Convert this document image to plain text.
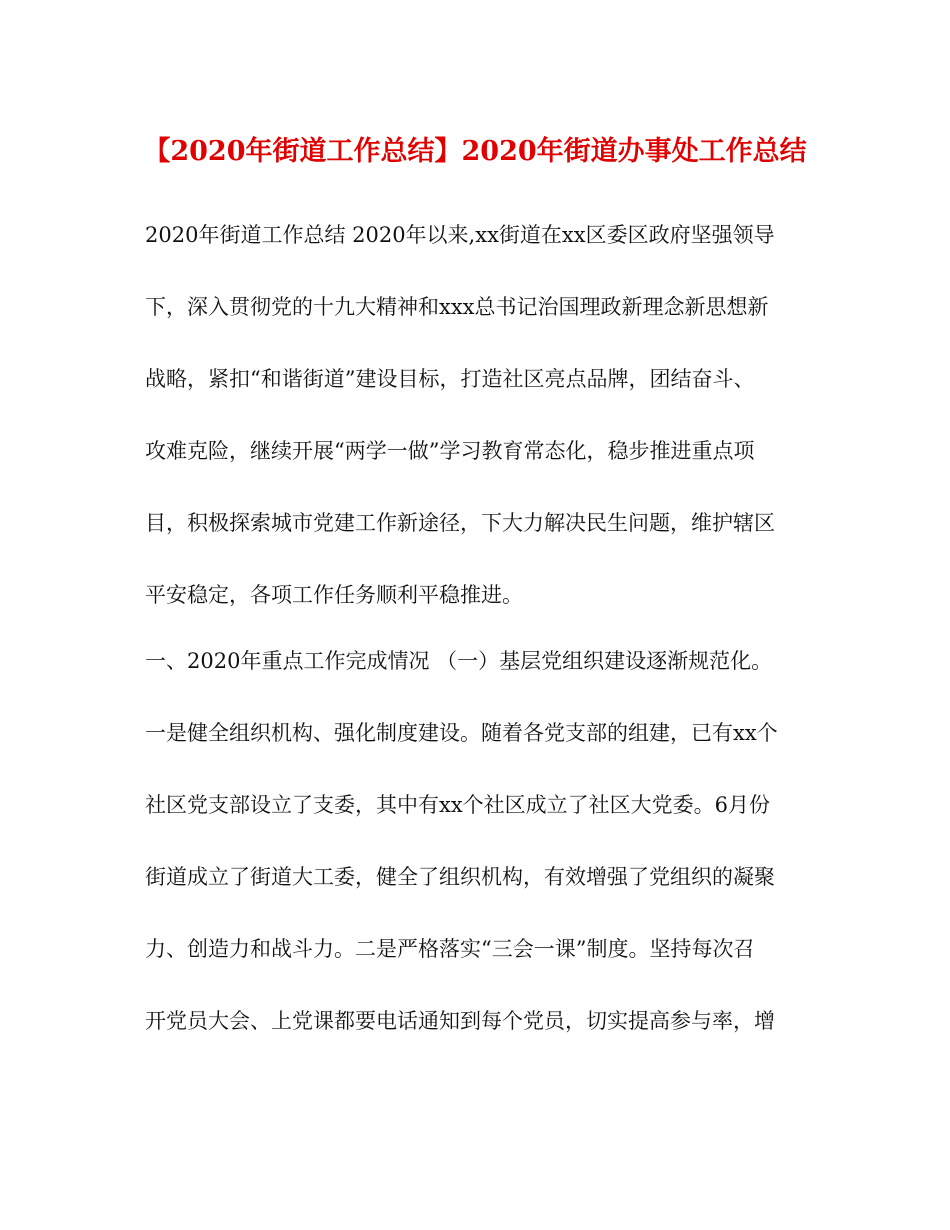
【2020年街道工作总结】2020年街道办事处工作总结
2020年街道工作总结 2020年以来,xx街道在xx区委区政府坚强领导
下，深入贯彻党的十九大精神和xxx总书记治国理政新理念新思想新
战略，紧扣“和谐街道”建设目标，打造社区亮点品牌，团结奋斗、
攻难克险，继续开展“两学一做”学习教育常态化，稳步推进重点项
目，积极探索城市党建工作新途径，下大力解决民生问题，维护辖区
平安稳定，各项工作任务顺利平稳推进。
一、2020年重点工作完成情况 （一）基层党组织建设逐渐规范化。
一是健全组织机构、强化制度建设。随着各党支部的组建，已有xx个
社区党支部设立了支委，其中有xx个社区成立了社区大党委。6月份
街道成立了街道大工委，健全了组织机构，有效增强了党组织的凝聚
力、创造力和战斗力。二是严格落实“三会一课”制度。坚持每次召
开党员大会、上党课都要电话通知到每个党员，切实提高参与率，增
